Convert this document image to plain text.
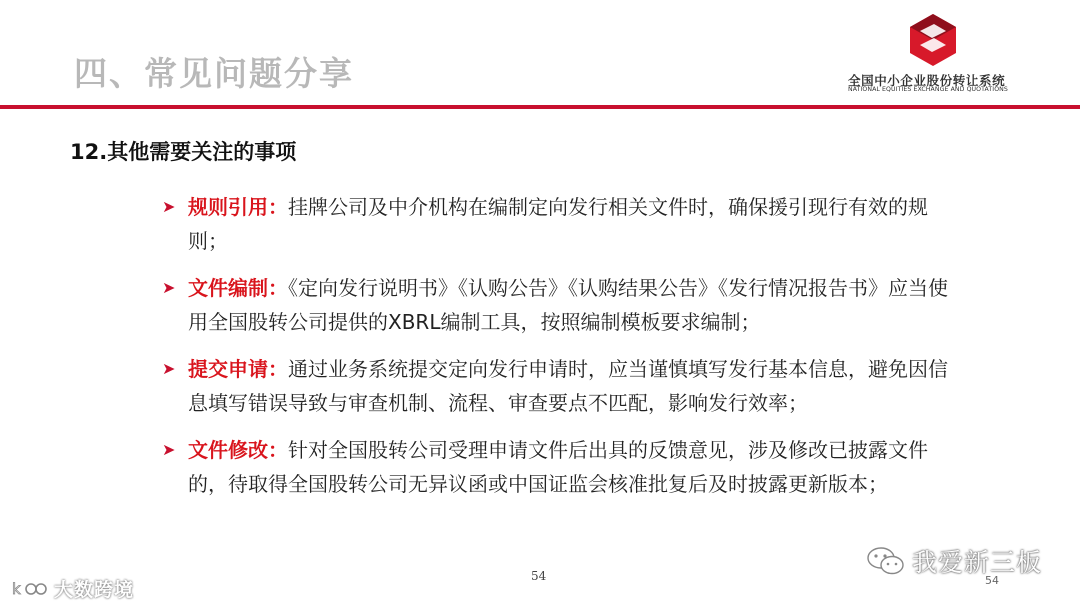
四、常见问题分享	全国中小企业股份转让系统
NATIONAL EQUITIES EXCHANGE AND QUOTATIONS
12.其他需要关注的事项
➤ 规则引用：挂牌公司及中介机构在编制定向发行相关文件时，确保援引现行有效的规则；
➤ 文件编制：《定向发行说明书》《认购公告》《认购结果公告》《发行情况报告书》应当使用全国股转公司提供的XBRL编制工具，按照编制模板要求编制；
➤ 提交申请：通过业务系统提交定向发行申请时，应当谨慎填写发行基本信息，避免因信息填写错误导致与审查机制、流程、审查要点不匹配，影响发行效率；
➤ 文件修改：针对全国股转公司受理申请文件后出具的反馈意见，涉及修改已披露文件的，待取得全国股转公司无异议函或中国证监会核准批复后及时披露更新版本；
54	54
k 大数跨境
我爱新三板
